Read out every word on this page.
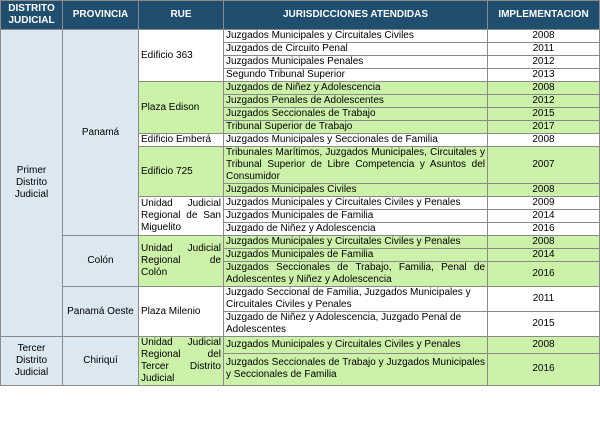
DISTRITO JUDICIAL	PROVINCIA	RUE	JURISDICCIONES ATENDIDAS	IMPLEMENTACION
Primer Distrito Judicial	Panamá	Edificio 363	Juzgados Municipales y Circuitales Civiles	2008
			Juzgados de Circuito Penal	2011
			Juzgados Municipales Penales	2012
			Segundo Tribunal Superior	2013
		Plaza Edison	Juzgados de Niñez y Adolescencia	2008
			Juzgados Penales de Adolescentes	2012
			Juzgados Seccionales de Trabajo	2015
			Tribunal Superior de Trabajo	2017
		Edificio Emberá	Juzgados Municipales y Seccionales de Familia	2008
		Edificio 725	Tribunales Marítimos, Juzgados Municipales, Circuitales y Tribunal Superior de Libre Competencia y Asuntos del Consumidor	2007
			Juzgados Municipales Civiles	2008
		Unidad Judicial Regional de San Miguelito	Juzgados Municipales y Circuitales Civiles y Penales	2009
			Juzgados Municipales de Familia	2014
			Juzgado de Niñez y Adolescencia	2016
	Colón	Unidad Judicial Regional de Colón	Juzgados Municipales y Circuitales Civiles y Penales	2008
			Juzgados Municipales de Familia	2014
			Juzgados Seccionales de Trabajo, Familia, Penal de Adolescentes y Niñez y Adolescencia	2016
	Panamá Oeste	Plaza Milenio	Juzgado Seccional de Familia, Juzgados Municipales y Circuitales Civiles y Penales	2011
			Juzgado de Niñez y Adolescencia, Juzgado Penal de Adolescentes	2015
Tercer Distrito Judicial	Chiriquí	Unidad Judicial Regional del Tercer Distrito Judicial	Juzgados Municipales y Circuitales Civiles y Penales	2008
			Juzgados Seccionales de Trabajo y Juzgados Municipales y Seccionales de Familia	2016
